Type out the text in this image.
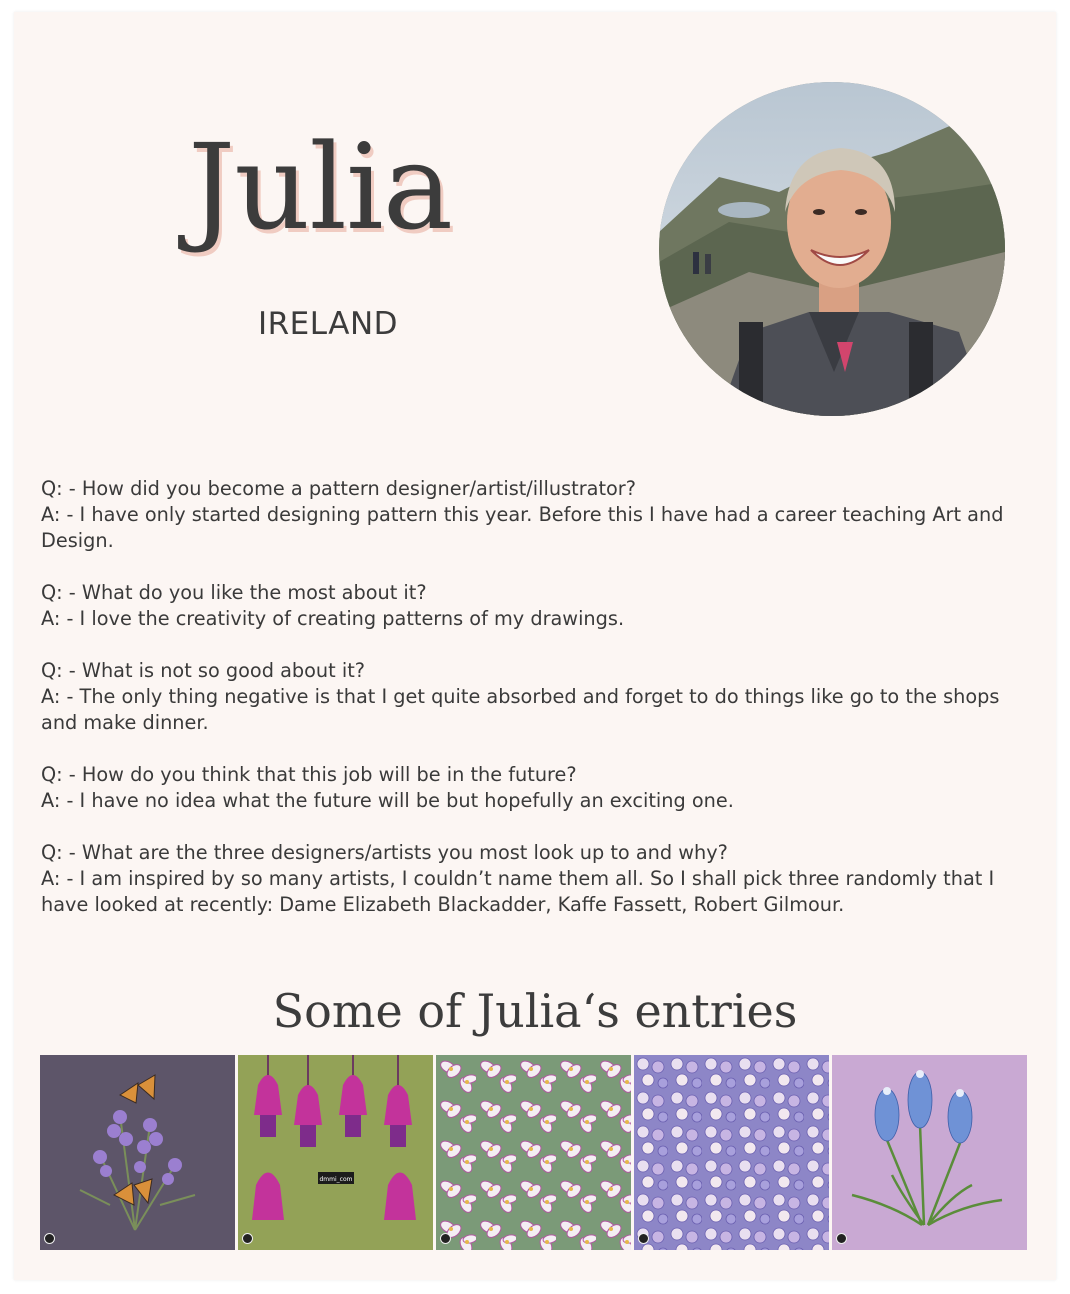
Julia
IRELAND

Q: - How did you become a pattern designer/artist/illustrator?

A: - I have only started designing pattern this year. Before this I have had a career teaching Art and Design.

Q: - What do you like the most about it?

A: - I love the creativity of creating patterns of my drawings.

Q: - What is not so good about it?

A: - The only thing negative is that I get quite absorbed and forget to do things like go to the shops and make dinner.

Q: - How do you think that this job will be in the future?

A: - I have no idea what the future will be but hopefully an exciting one.

Q: - What are the three designers/artists you most look up to and why?

A: - I am inspired by so many artists, I couldn’t name them all. So I shall pick three randomly that I have looked at recently: Dame Elizabeth Blackadder, Kaffe Fassett, Robert Gilmour.

Some of Julia‘s entries
dmmi_com
